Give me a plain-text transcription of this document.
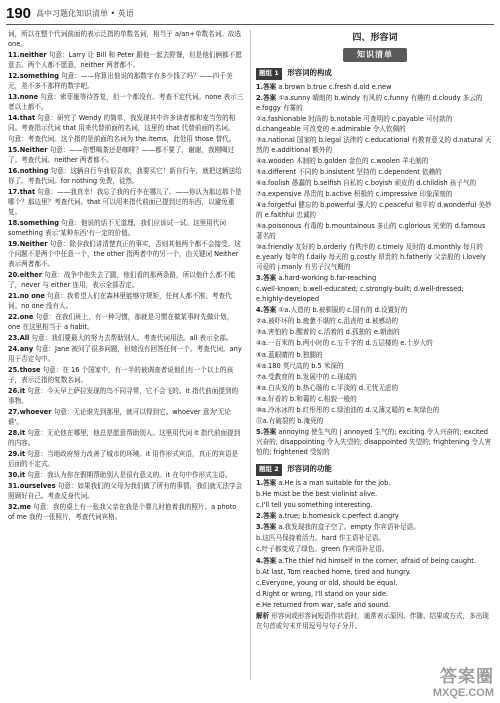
190 高中习题化知识清单 • 英语

词，所以在整个代词前面的表示泛指的单数名词，相当于 a/an+单数名词。故选 one。

11.neither 句意：Larry 让 Bill 和 Peter 跟他一起去野餐，但是他们俩都不愿意去。两个人都不愿意，neither 两者都不。

12.something 句意：——你算出他说的那数字有多少钱了吗？——四千美元，差不多不那样的数字吧。

13.none 句意：索菲娅等待答复，但一个都没有。考查不定代词。none 表示三者以上都不。

14.that 句意：研究了 Wendy 的简单，我发现其中许多读者都和麦当劳的相同。考查指示代词 that 用来代替前面的名词，这里的 that 代替前面的名词。

句意：考查代词。这个指的是前面的名词为 the items，此处用 those 替代。

15.Neither 句意：——你想喝茶还是咖啡？——都不要了，谢谢，我刚喝过了。考查代词。neither 两者都不。

16.nothing 句意：这辆自行车我很喜欢，我要买它！新自行车，就把这辆送给你了。考查代词。for nothing 免费，徒然。

17.that 句意：——我真幸！我忘了我的行李在哪儿了。——你认为那边那个是哪个？那边里？考查代词。that 可以用来指代前面已提到过的东西，以避免重复。

18.something 句意：他说的话不无道理，我们应该试一试。这里用代词 something 表示'某种东西'有一定的价值。

19.Neither 句意：除非我们讲清楚真正的事实，否则其他两个都不会接受。这个问题不是两个中任意一个，the other 指两者中的另一个，由关键词 Neither 表示两者都不。

20.either 句意：战争中他失去了腿，他们看的那两条路，所以他什么都不能了，never 与 either 连用，表示全部否定。

21.no one 句意：我希望人们在森林里能够守规矩，任何人都不准。考查代词。no one 没有人。

22.one 句意：在我们班上，有一种习惯，那就是习惯在做某事时先做计划，one 在这里相当于 a habit。

23.All 句意：我们要最大的努力去帮助别人。考查代词用法。all 表示全部。

24.any 句意：Jane 被问了很多问题，但她没有回答任何一个。考查代词。any 用于否定句中。

25.those 句意：在 16 个国家中，有一半的被调查者说他们有一个以上的孩子，表示泛指的复数名词。

26.it 句意：今天早上萨拉发现的鸟不同寻常，它不会飞的。it 指代前面提到的事物。

27.whoever 句意：无论谁先到那里，就可以得到它。whoever 意为'无论谁'。

28.it 句意：无论他在哪里，他总是愿意帮助别人。这里用代词 it 指代前面提到的内容。

29.it 句意：当地政府努力改善了城市的环境。it 用作形式宾语，真正的宾语是后面的不定式。

30.it 句意：我认为你在假期帮助别人是很有意义的。it 在句中作形式主语。

31.ourselves 句意：如果我们的父母为我们做了所有的事情，我们就无法学会照顾好自己。考查反身代词。

32.me 句意：我的桌上有一张我父亲在我是个婴儿时抱着我的照片。a photo of me 我的一张照片，考查代词宾格。

四、形容词
知识清单
题组 1 形容词的构成

1.答案 a.brown b.true c.fresh d.old e.new

2.答案 ①a.sunny 晴朗的 b.windy 有风的 c.funny 有趣的 d.cloudy 多云的 e.foggy 有雾的

②a.fashionable 时尚的 b.notable 可查明的 c.payable 可付款的 d.changeable 可改变的 e.admirable 令人钦佩的

③a.national 国家的 b.legal 法律的 c.educational 有教育意义的 d.natural 天然的 e.additional 额外的

④a.wooden 木制的 b.golden 金色的 c.woolen 羊毛制的

⑤a.different 不同的 b.insistent 坚持的 c.dependent 依赖的

⑥a.foolish 愚蠢的 b.selfish 自私的 c.boyish 顽皮的 d.childish 孩子气的

⑦a.expensive 昂贵的 b.active 积极的 c.impressive 印象深刻的

⑧a.forgetful 健忘的 b.powerful 强大的 c.peaceful 和平的 d.wonderful 美妙的 e.faithful 忠诚的

⑨a.poisonous 有毒的 b.mountainous 多山的 c.glorious 光荣的 d.famous 著名的

⑩a.friendly 友好的 b.orderly 有秩序的 c.timely 及时的 d.monthly 每月的 e.yearly 每年的 f.daily 每天的 g.costly 昂贵的 h.fatherly 父亲般的 i.lovely 可爱的 j.manly 有男子汉气概的

3.答案 a.hard-working b.far-reaching

c.well-known; b.well-educated; c.strongly-built; d.well-dressed; e.highly-developed

4.答案 ①a.人造的 b.被驯服的 c.国有的 d.设置好的

②a.被吓坏的 b.疲惫不堪的 c.沮丧的 d.被感动的

③a.害怕的 b.醒着的 c.活着的 d.孤独的 e.朝南的

④a.一百米的 b.两小时的 c.五千字的 d.五层楼的 e.十岁大的

⑤a.蓝眼睛的 b.独腿的

⑥a.180 英尺高的 b.5 米深的

⑦a.受教育的 b.发展中的 c.现成的

⑧a.白头发的 b.热心肠的 c.平淡的 d.无忧无虑的

⑨a.好看的 b.和蔼的 c.相貌一般的

⑩a.冷冰冰的 b.红彤彤的 c.绿油油的 d.又薄又暖的 e.灰绿色的

⑪a.有破裂的 b.淹死的

5.答案 annoying 使生气的 | annoyed 生气的; exciting 令人兴奋的; excited 兴奋的; disappointing 令人失望的; disappointed 失望的; frightening 令人害怕的; frightened 受惊的

题组 2 形容词的功能

1.答案 a.He is a man suitable for the job.

b.He must be the best violinist alive.

c.I'll tell you something interesting.

2.答案 a.true; b.homesick c.perfect d.angry

3.答案 a.我发现我的盒子空了。empty 作宾语补足语。

b.这匹马保持着活力。hard 作主语补足语。

c.叶子都变成了绿色。green 作宾语补足语。

4.答案 a.The thief hid himself in the corner, afraid of being caught.

b.At last, Tom reached home, tired and hungry.

c.Everyone, young or old, should be equal.

d.Right or wrong, I'll stand on your side.

e.He returned from war, safe and sound.

解析 形容词或形容词短语作状语时，通常表示原因、伴随、结果或方式，多出现在句首或句末并用逗号与句子分开。

答案圈
MXQE.COM
